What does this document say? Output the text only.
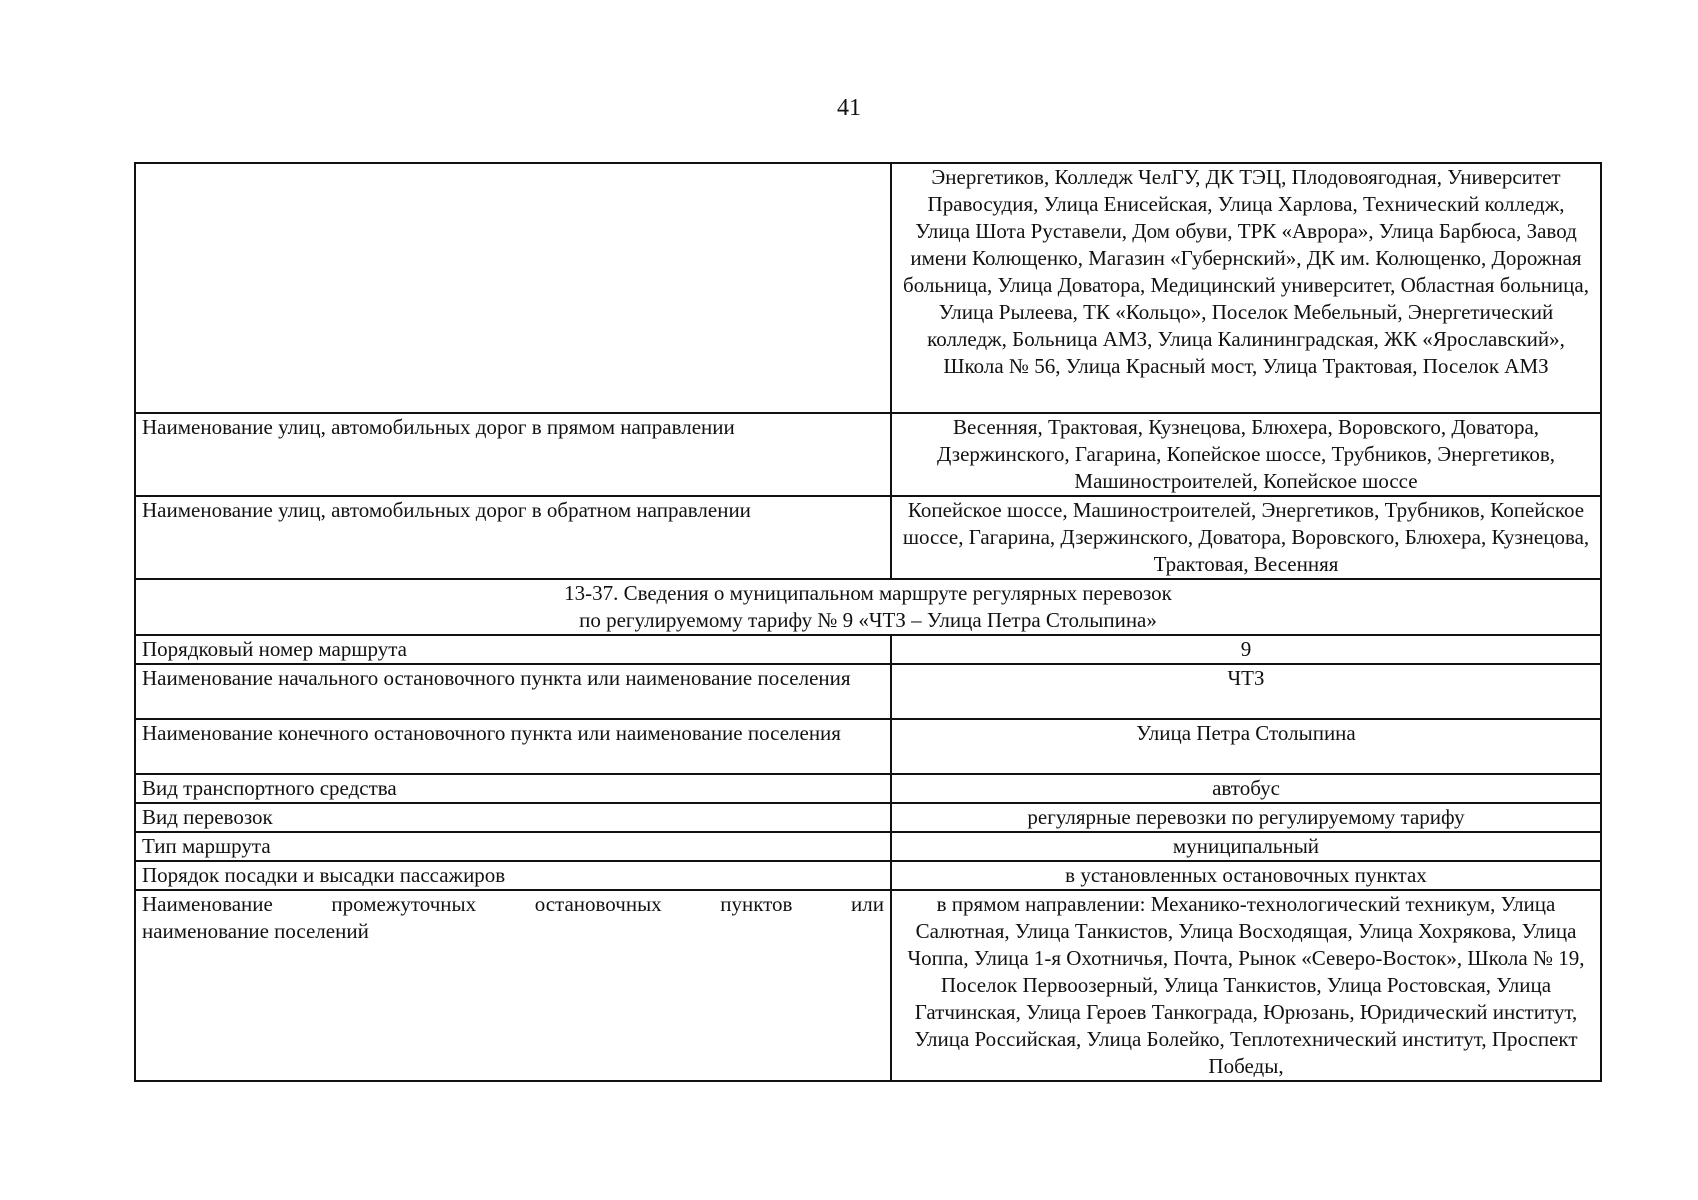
41
	Энергетиков, Колледж ЧелГУ, ДК ТЭЦ, Плодовоягодная, Университет Правосудия, Улица Енисейская, Улица Харлова, Технический колледж, Улица Шота Руставели, Дом обуви, ТРК «Аврора», Улица Барбюса, Завод имени Колющенко, Магазин «Губернский», ДК им. Колющенко, Дорожная больница, Улица Доватора, Медицинский университет, Областная больница, Улица Рылеева, ТК «Кольцо», Поселок Мебельный, Энергетический колледж, Больница АМЗ, Улица Калининградская, ЖК «Ярославский», Школа № 56, Улица Красный мост, Улица Трактовая, Поселок АМЗ
Наименование улиц, автомобильных дорог в прямом направлении	Весенняя, Трактовая, Кузнецова, Блюхера, Воровского, Доватора, Дзержинского, Гагарина, Копейское шоссе, Трубников, Энергетиков, Машиностроителей, Копейское шоссе
Наименование улиц, автомобильных дорог в обратном направлении	Копейское шоссе, Машиностроителей, Энергетиков, Трубников, Копейское шоссе, Гагарина, Дзержинского, Доватора, Воровского, Блюхера, Кузнецова, Трактовая, Весенняя

13-37. Сведения о муниципальном маршруте регулярных перевозок
по регулируемому тарифу № 9 «ЧТЗ – Улица Петра Столыпина»	

Порядковый номер маршрута	9
Наименование начального остановочного пункта или наименование поселения	ЧТЗ
Наименование конечного остановочного пункта или наименование поселения	Улица Петра Столыпина
Вид транспортного средства	автобус
Вид перевозок	регулярные перевозки по регулируемому тарифу
Тип маршрута	муниципальный
Порядок посадки и высадки пассажиров	в установленных остановочных пунктах

Наименование промежуточных остановочных пунктов или
наименование поселений	в прямом направлении: Механико-технологический техникум, Улица Салютная, Улица Танкистов, Улица Восходящая, Улица Хохрякова, Улица Чоппа, Улица 1-я Охотничья, Почта, Рынок «Северо-Восток», Школа № 19, Поселок Первоозерный, Улица Танкистов, Улица Ростовская, Улица Гатчинская, Улица Героев Танкограда, Юрюзань, Юридический институт, Улица Российская, Улица Болейко, Теплотехнический институт, Проспект Победы,
